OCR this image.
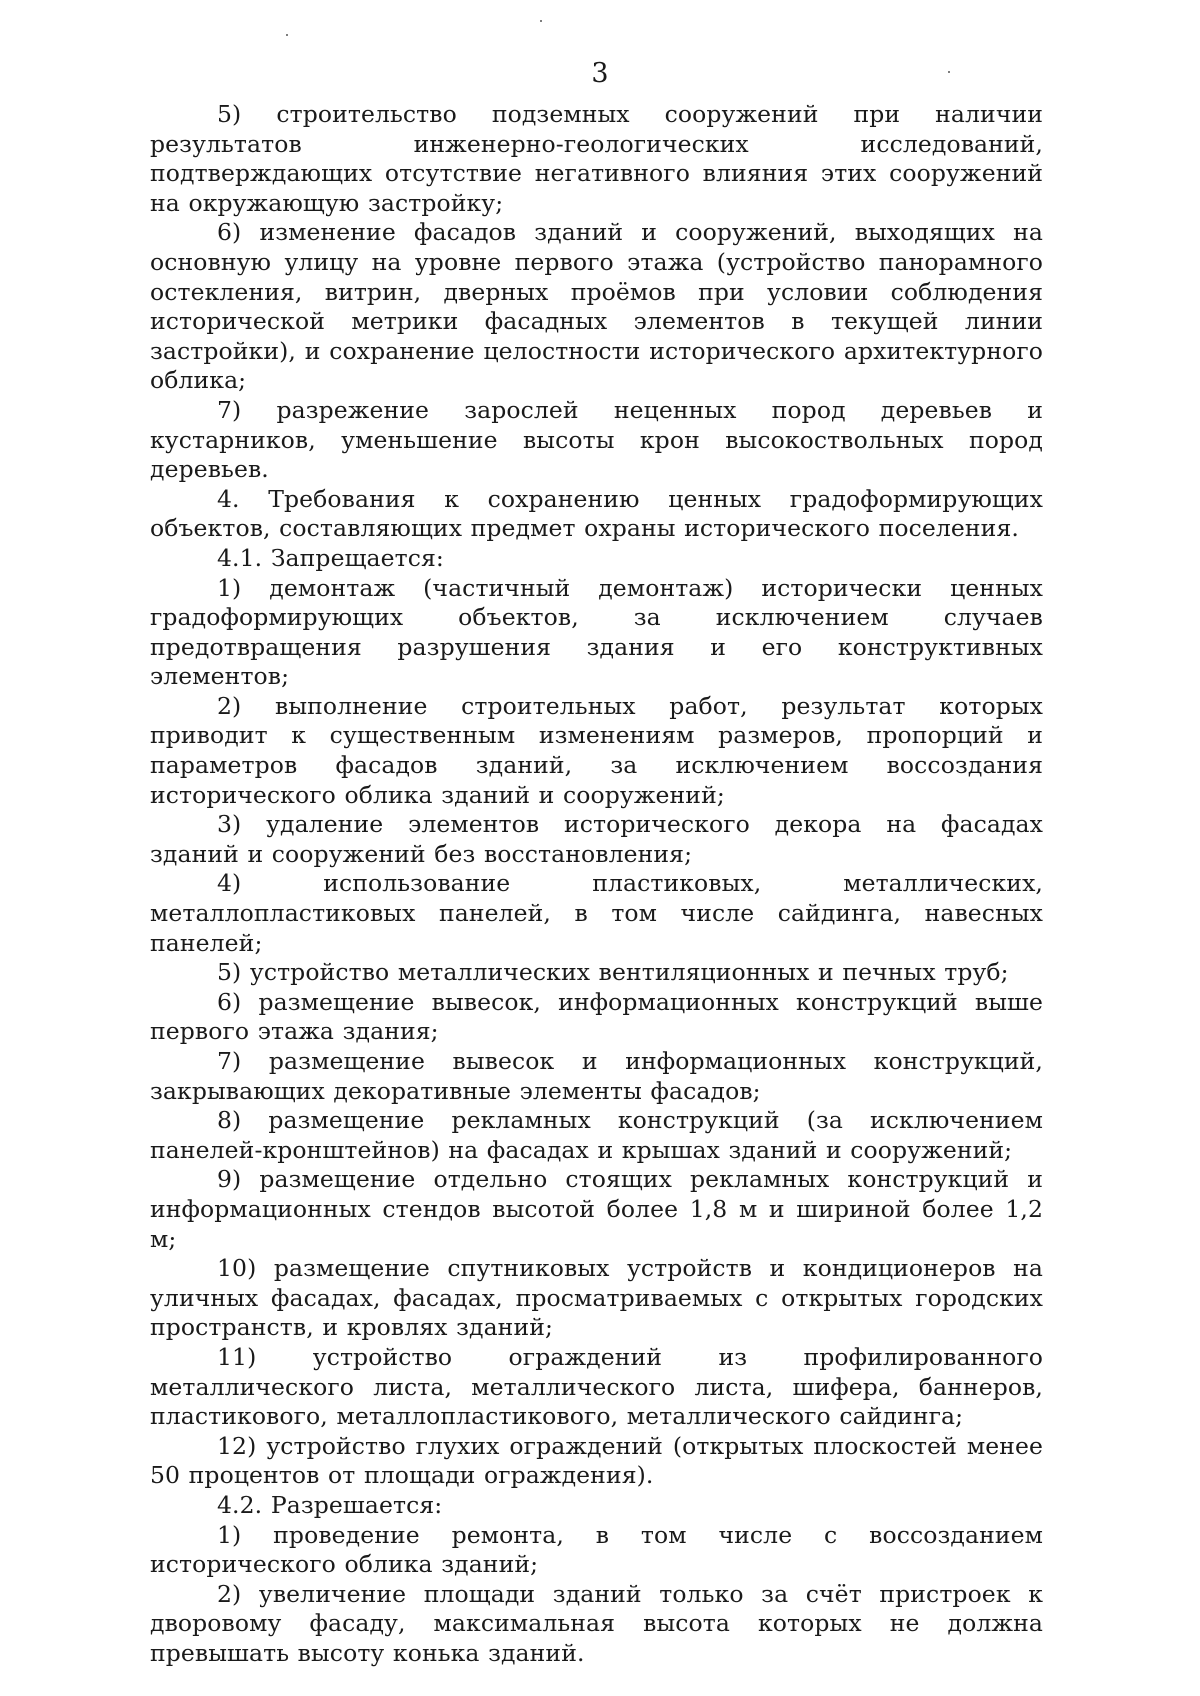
3

5) строительство подземных сооружений при наличии результатов инженерно-геологических исследований, подтверждающих отсутствие негативного влияния этих сооружений на окружающую застройку;

6) изменение фасадов зданий и сооружений, выходящих на основную улицу на уровне первого этажа (устройство панорамного остекления, витрин, дверных проёмов при условии соблюдения исторической метрики фасадных элементов в текущей линии застройки), и сохранение целостности исторического архитектурного облика;

7) разрежение зарослей неценных пород деревьев и кустарников, уменьшение высоты крон высокоствольных пород деревьев.

4. Требования к сохранению ценных градоформирующих объектов, составляющих предмет охраны исторического поселения.

4.1. Запрещается:

1) демонтаж (частичный демонтаж) исторически ценных градоформирующих объектов, за исключением случаев предотвращения разрушения здания и его конструктивных элементов;

2) выполнение строительных работ, результат которых приводит к существенным изменениям размеров, пропорций и параметров фасадов зданий, за исключением воссоздания исторического облика зданий и сооружений;

3) удаление элементов исторического декора на фасадах зданий и сооружений без восстановления;

4) использование пластиковых, металлических, металлопластиковых панелей, в том числе сайдинга, навесных панелей;

5) устройство металлических вентиляционных и печных труб;

6) размещение вывесок, информационных конструкций выше первого этажа здания;

7) размещение вывесок и информационных конструкций, закрывающих декоративные элементы фасадов;

8) размещение рекламных конструкций (за исключением панелей-кронштейнов) на фасадах и крышах зданий и сооружений;

9) размещение отдельно стоящих рекламных конструкций и информационных стендов высотой более 1,8 м и шириной более 1,2 м;

10) размещение спутниковых устройств и кондиционеров на уличных фасадах, фасадах, просматриваемых с открытых городских пространств, и кровлях зданий;

11) устройство ограждений из профилированного металлического листа, металлического листа, шифера, баннеров, пластикового, металлопластикового, металлического сайдинга;

12) устройство глухих ограждений (открытых плоскостей менее 50 процентов от площади ограждения).

4.2. Разрешается:

1) проведение ремонта, в том числе с воссозданием исторического облика зданий;

2) увеличение площади зданий только за счёт пристроек к дворовому фасаду, максимальная высота которых не должна превышать высоту конька зданий.
